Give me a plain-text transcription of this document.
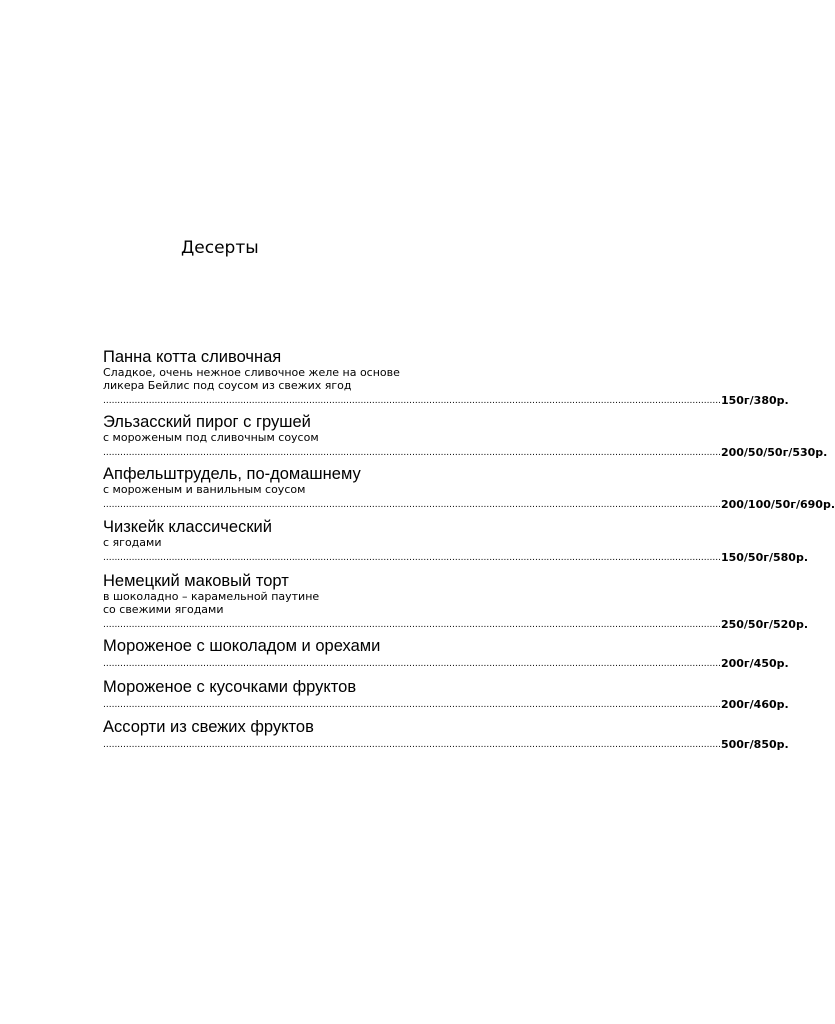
Десерты
Панна котта сливочная
Сладкое, очень нежное сливочное желе на основе
ликера Бейлис под соусом из свежих ягод
........................................................................................................................................................................................................................ 150г/380р.
Эльзасский пирог с грушей
с мороженым под сливочным соусом
........................................................................................................................................................................................................................ 200/50/50г/530р.
Апфельштрудель, по-домашнему
с мороженым и ванильным соусом
........................................................................................................................................................................................................................ 200/100/50г/690р.
Чизкейк классический
с ягодами
........................................................................................................................................................................................................................ 150/50г/580р.
Немецкий маковый торт
в шоколадно – карамельной паутине
со свежими ягодами
........................................................................................................................................................................................................................ 250/50г/520р.
Мороженое с шоколадом и орехами
........................................................................................................................................................................................................................ 200г/450р.
Мороженое с кусочками фруктов
........................................................................................................................................................................................................................ 200г/460р.
Ассорти из свежих фруктов
........................................................................................................................................................................................................................ 500г/850р.
